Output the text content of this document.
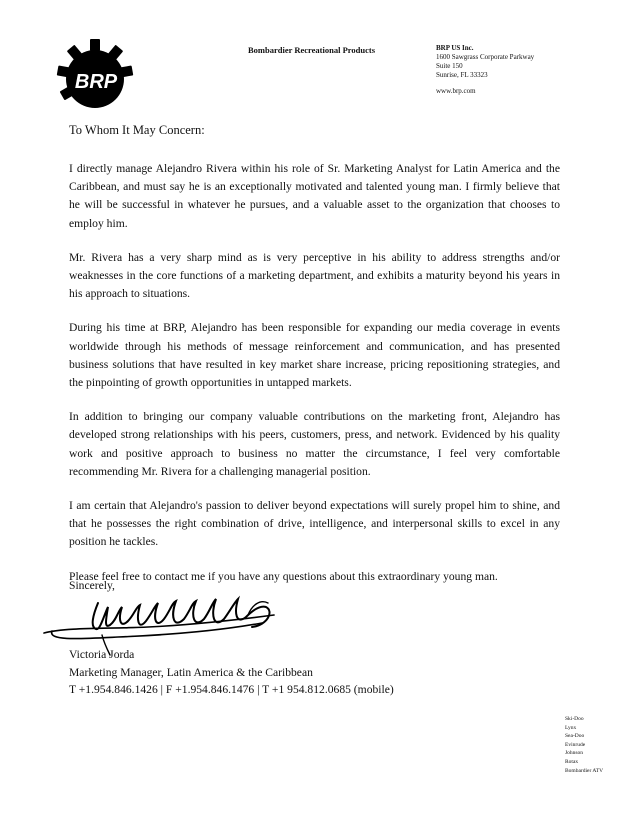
BRP
Bombardier Recreational Products	BRP US Inc.
1600 Sawgrass Corporate Parkway
Suite 150
Sunrise, FL 33323
www.brp.com
To Whom It May Concern:

I directly manage Alejandro Rivera within his role of Sr. Marketing Analyst for Latin America and the Caribbean, and must say he is an exceptionally motivated and talented young man. I firmly believe that he will be successful in whatever he pursues, and a valuable asset to the organization that chooses to employ him.

Mr. Rivera has a very sharp mind as is very perceptive in his ability to address strengths and/or weaknesses in the core functions of a marketing department, and exhibits a maturity beyond his years in his approach to situations.

During his time at BRP, Alejandro has been responsible for expanding our media coverage in events worldwide through his methods of message reinforcement and communication, and has presented business solutions that have resulted in key market share increase, pricing repositioning strategies, and the pinpointing of growth opportunities in untapped markets.

In addition to bringing our company valuable contributions on the marketing front, Alejandro has developed strong relationships with his peers, customers, press, and network. Evidenced by his quality work and positive approach to business no matter the circumstance, I feel very comfortable recommending Mr. Rivera for a challenging managerial position.

I am certain that Alejandro's passion to deliver beyond expectations will surely propel him to shine, and that he possesses the right combination of drive, intelligence, and interpersonal skills to excel in any position he tackles.

Please feel free to contact me if you have any questions about this extraordinary young man.

Sincerely,
Victoria Jorda
Marketing Manager, Latin America & the Caribbean
T +1.954.846.1426 | F +1.954.846.1476 | T +1 954.812.0685 (mobile)
Ski-Doo
Lynx
Sea-Doo
Evinrude
Johnson
Rotax
Bombardier ATV
